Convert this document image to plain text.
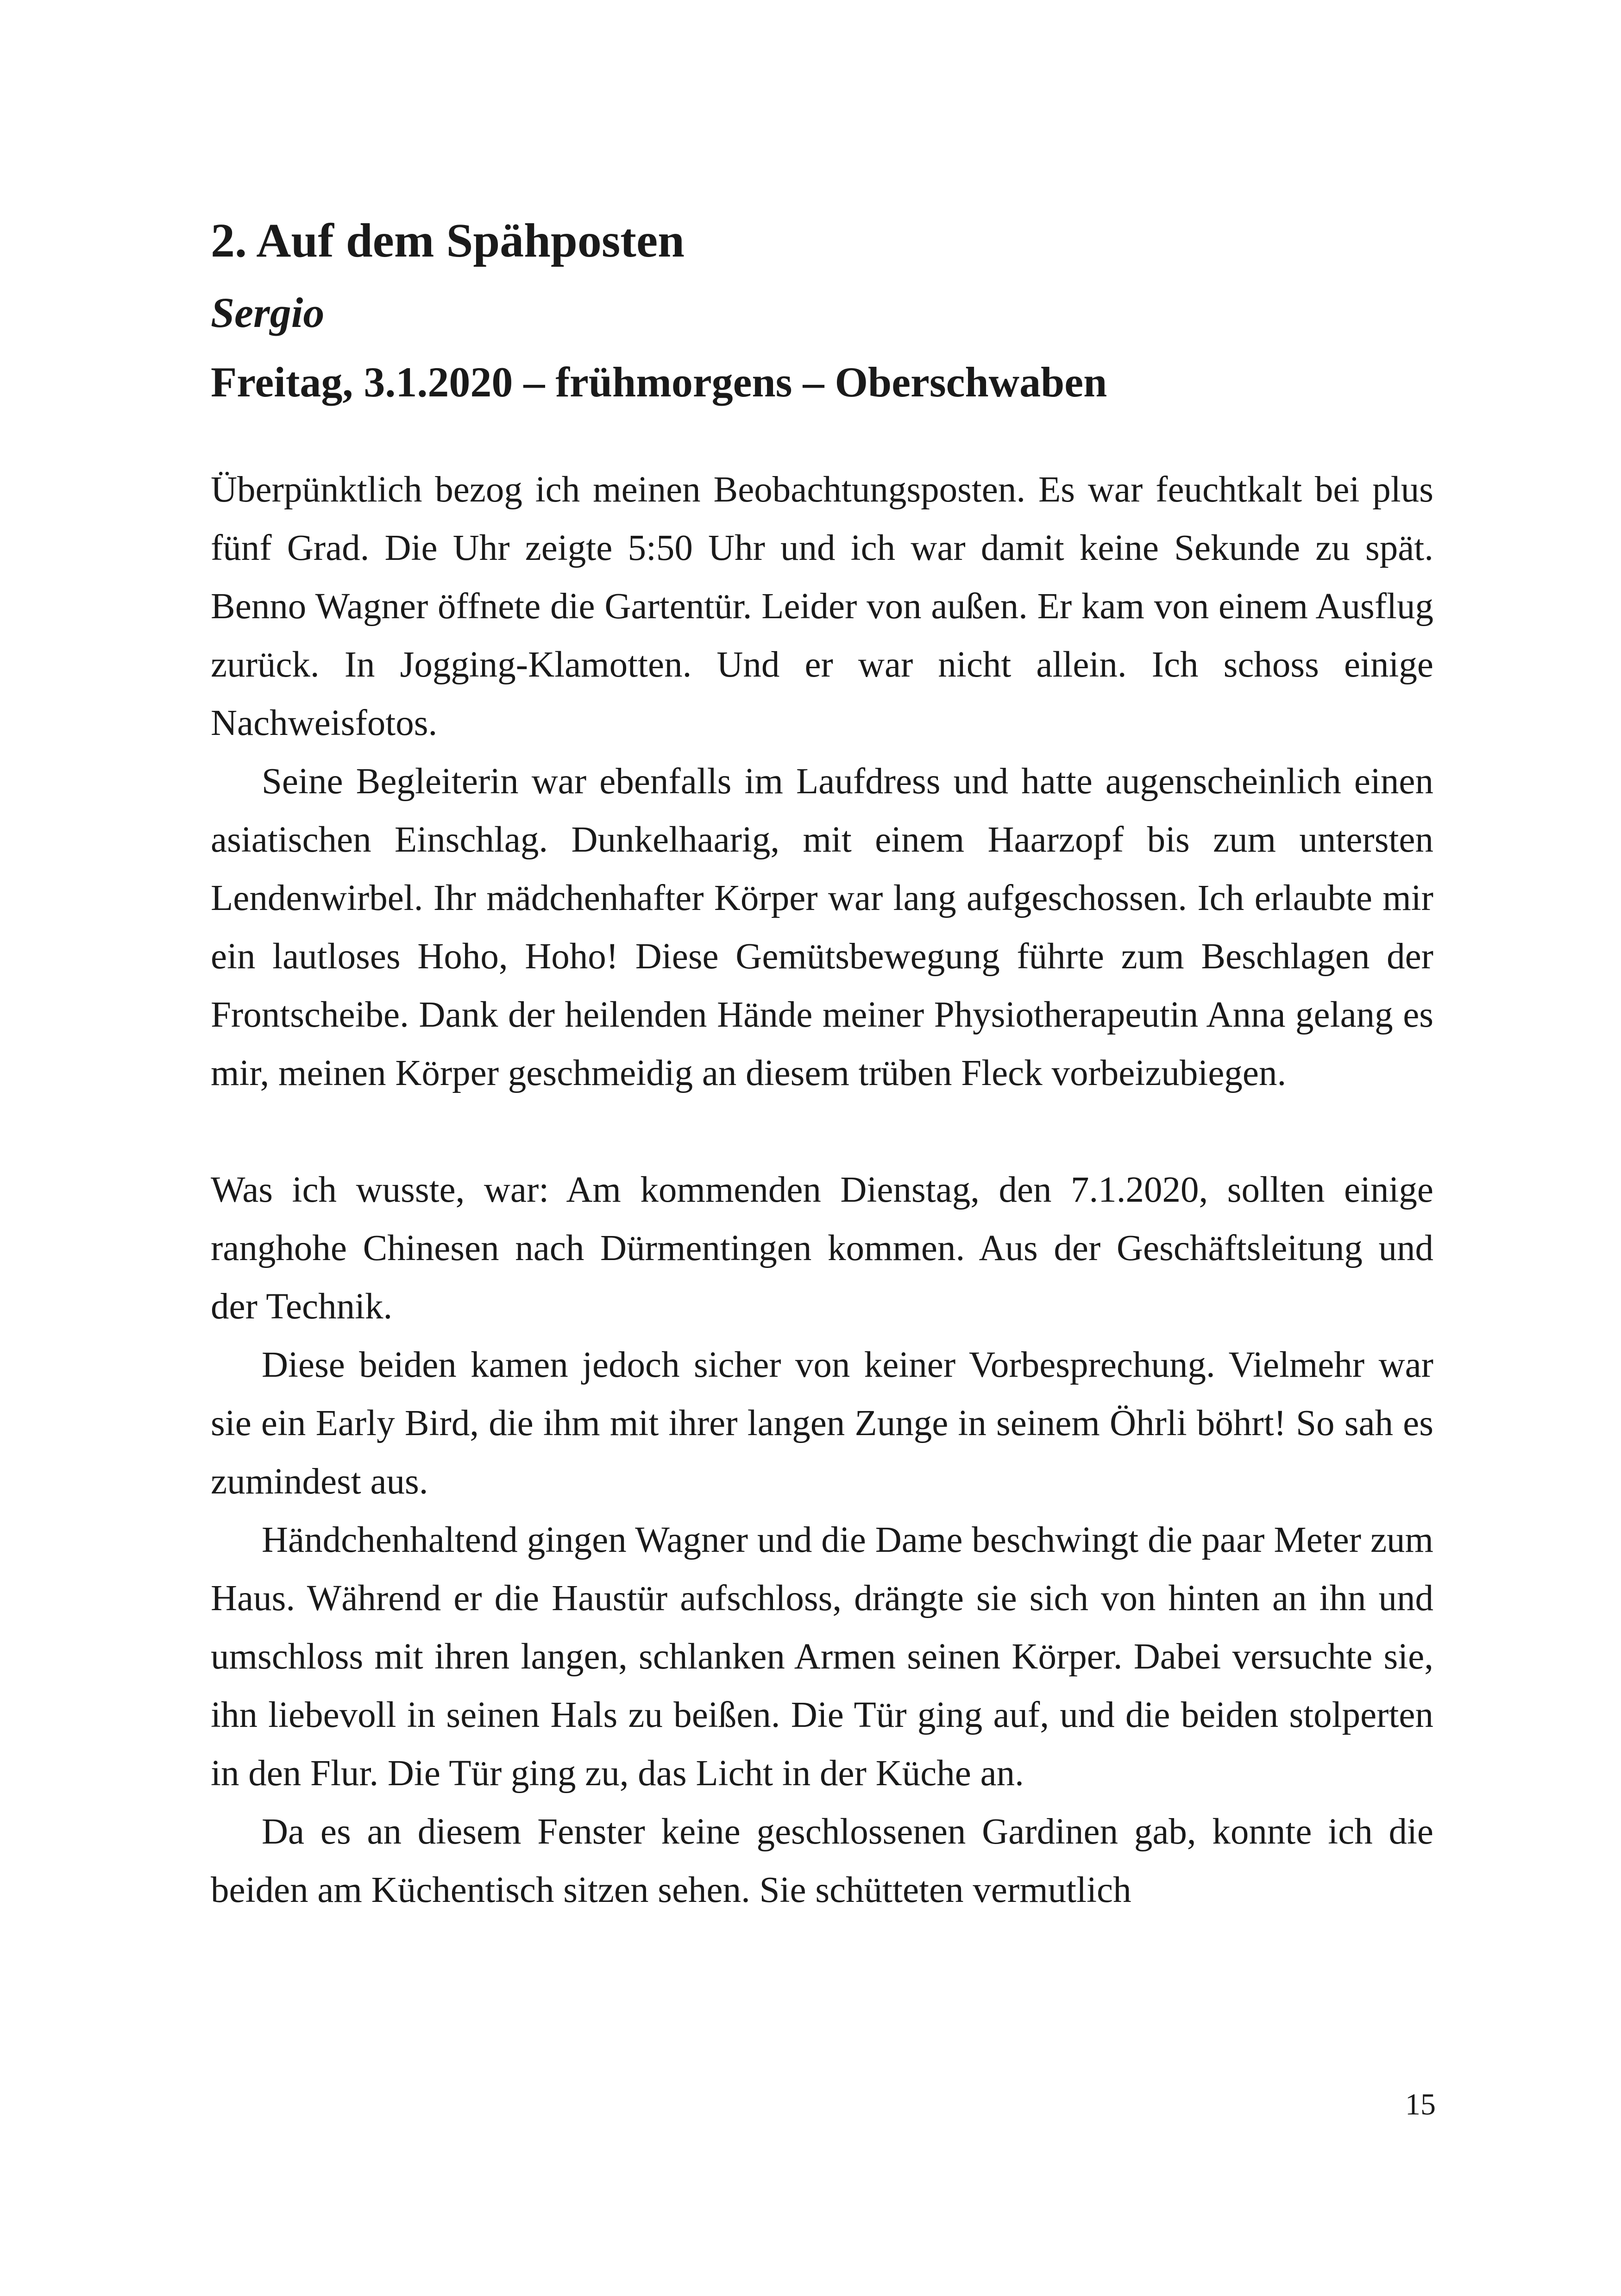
2. Auf dem Spähposten

Sergio

Freitag, 3.1.2020 – frühmorgens – Oberschwaben

Überpünktlich bezog ich meinen Beobachtungsposten. Es war feuchtkalt bei plus fünf Grad. Die Uhr zeigte 5:50 Uhr und ich war damit keine Sekunde zu spät. Benno Wagner öffnete die Gartentür. Leider von außen. Er kam von einem Ausflug zurück. In Jogging-Klamotten. Und er war nicht allein. Ich schoss einige Nachweisfotos.

Seine Begleiterin war ebenfalls im Laufdress und hatte augenscheinlich einen asiatischen Einschlag. Dunkelhaarig, mit einem Haarzopf bis zum untersten Lendenwirbel. Ihr mädchenhafter Körper war lang aufgeschossen. Ich erlaubte mir ein lautloses Hoho, Hoho! Diese Gemütsbewegung führte zum Beschlagen der Frontscheibe. Dank der heilenden Hände meiner Physiotherapeutin Anna gelang es mir, meinen Körper geschmeidig an diesem trüben Fleck vorbeizubiegen.

Was ich wusste, war: Am kommenden Dienstag, den 7.1.2020, sollten einige ranghohe Chinesen nach Dürmentingen kommen. Aus der Geschäftsleitung und der Technik.

Diese beiden kamen jedoch sicher von keiner Vorbesprechung. Vielmehr war sie ein Early Bird, die ihm mit ihrer langen Zunge in seinem Öhrli böhrt! So sah es zumindest aus.

Händchenhaltend gingen Wagner und die Dame beschwingt die paar Meter zum Haus. Während er die Haustür aufschloss, drängte sie sich von hinten an ihn und umschloss mit ihren langen, schlanken Armen seinen Körper. Dabei versuchte sie, ihn liebevoll in seinen Hals zu beißen. Die Tür ging auf, und die beiden stolperten in den Flur. Die Tür ging zu, das Licht in der Küche an.

Da es an diesem Fenster keine geschlossenen Gardinen gab, konnte ich die beiden am Küchentisch sitzen sehen. Sie schütteten vermutlich

15
